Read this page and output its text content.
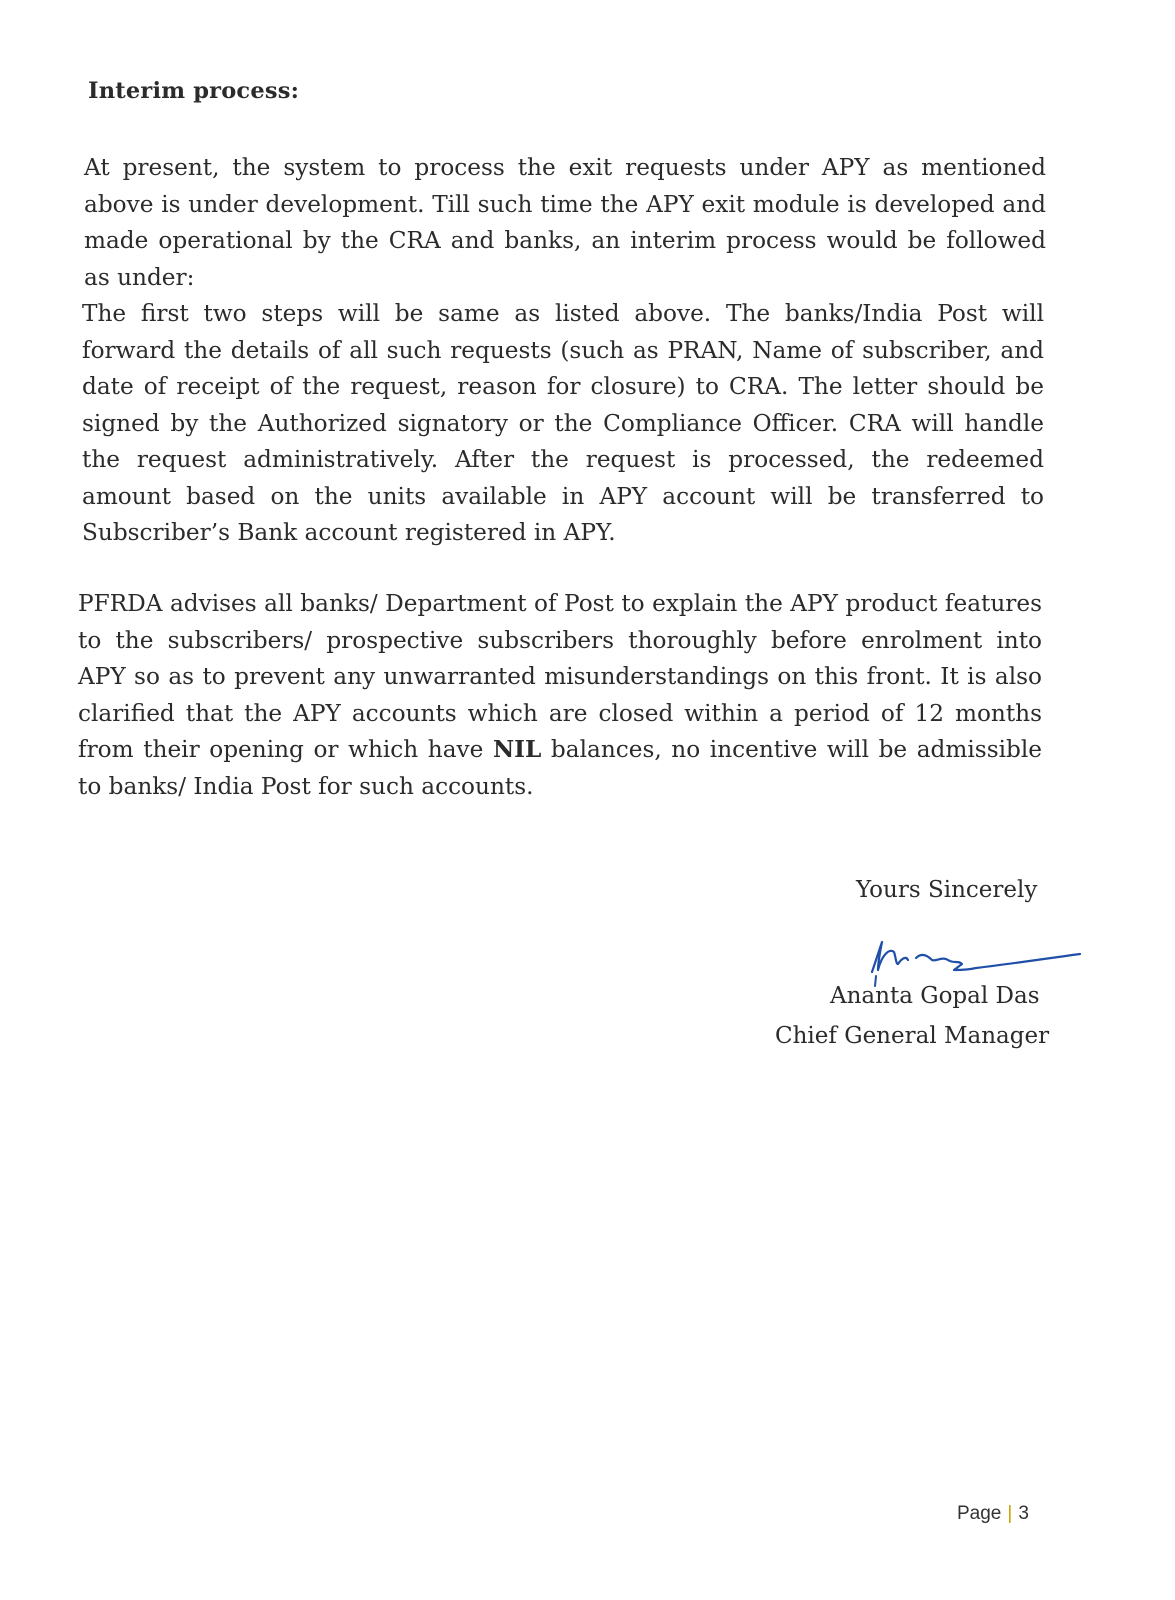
Interim process:

At present, the system to process the exit requests under APY as mentioned above is under development. Till such time the APY exit module is developed and made operational by the CRA and banks, an interim process would be followed as under:

The first two steps will be same as listed above. The banks/India Post will forward the details of all such requests (such as PRAN, Name of subscriber, and date of receipt of the request, reason for closure) to CRA. The letter should be signed by the Authorized signatory or the Compliance Officer. CRA will handle the request administratively. After the request is processed, the redeemed amount based on the units available in APY account will be transferred to Subscriber’s Bank account registered in APY.

PFRDA advises all banks/ Department of Post to explain the APY product features to the subscribers/ prospective subscribers thoroughly before enrolment into APY so as to prevent any unwarranted misunderstandings on this front. It is also clarified that the APY accounts which are closed within a period of 12 months from their opening or which have NIL balances, no incentive will be admissible to banks/ India Post for such accounts.

Yours Sincerely
Ananta Gopal Das
Chief General Manager
Page | 3
